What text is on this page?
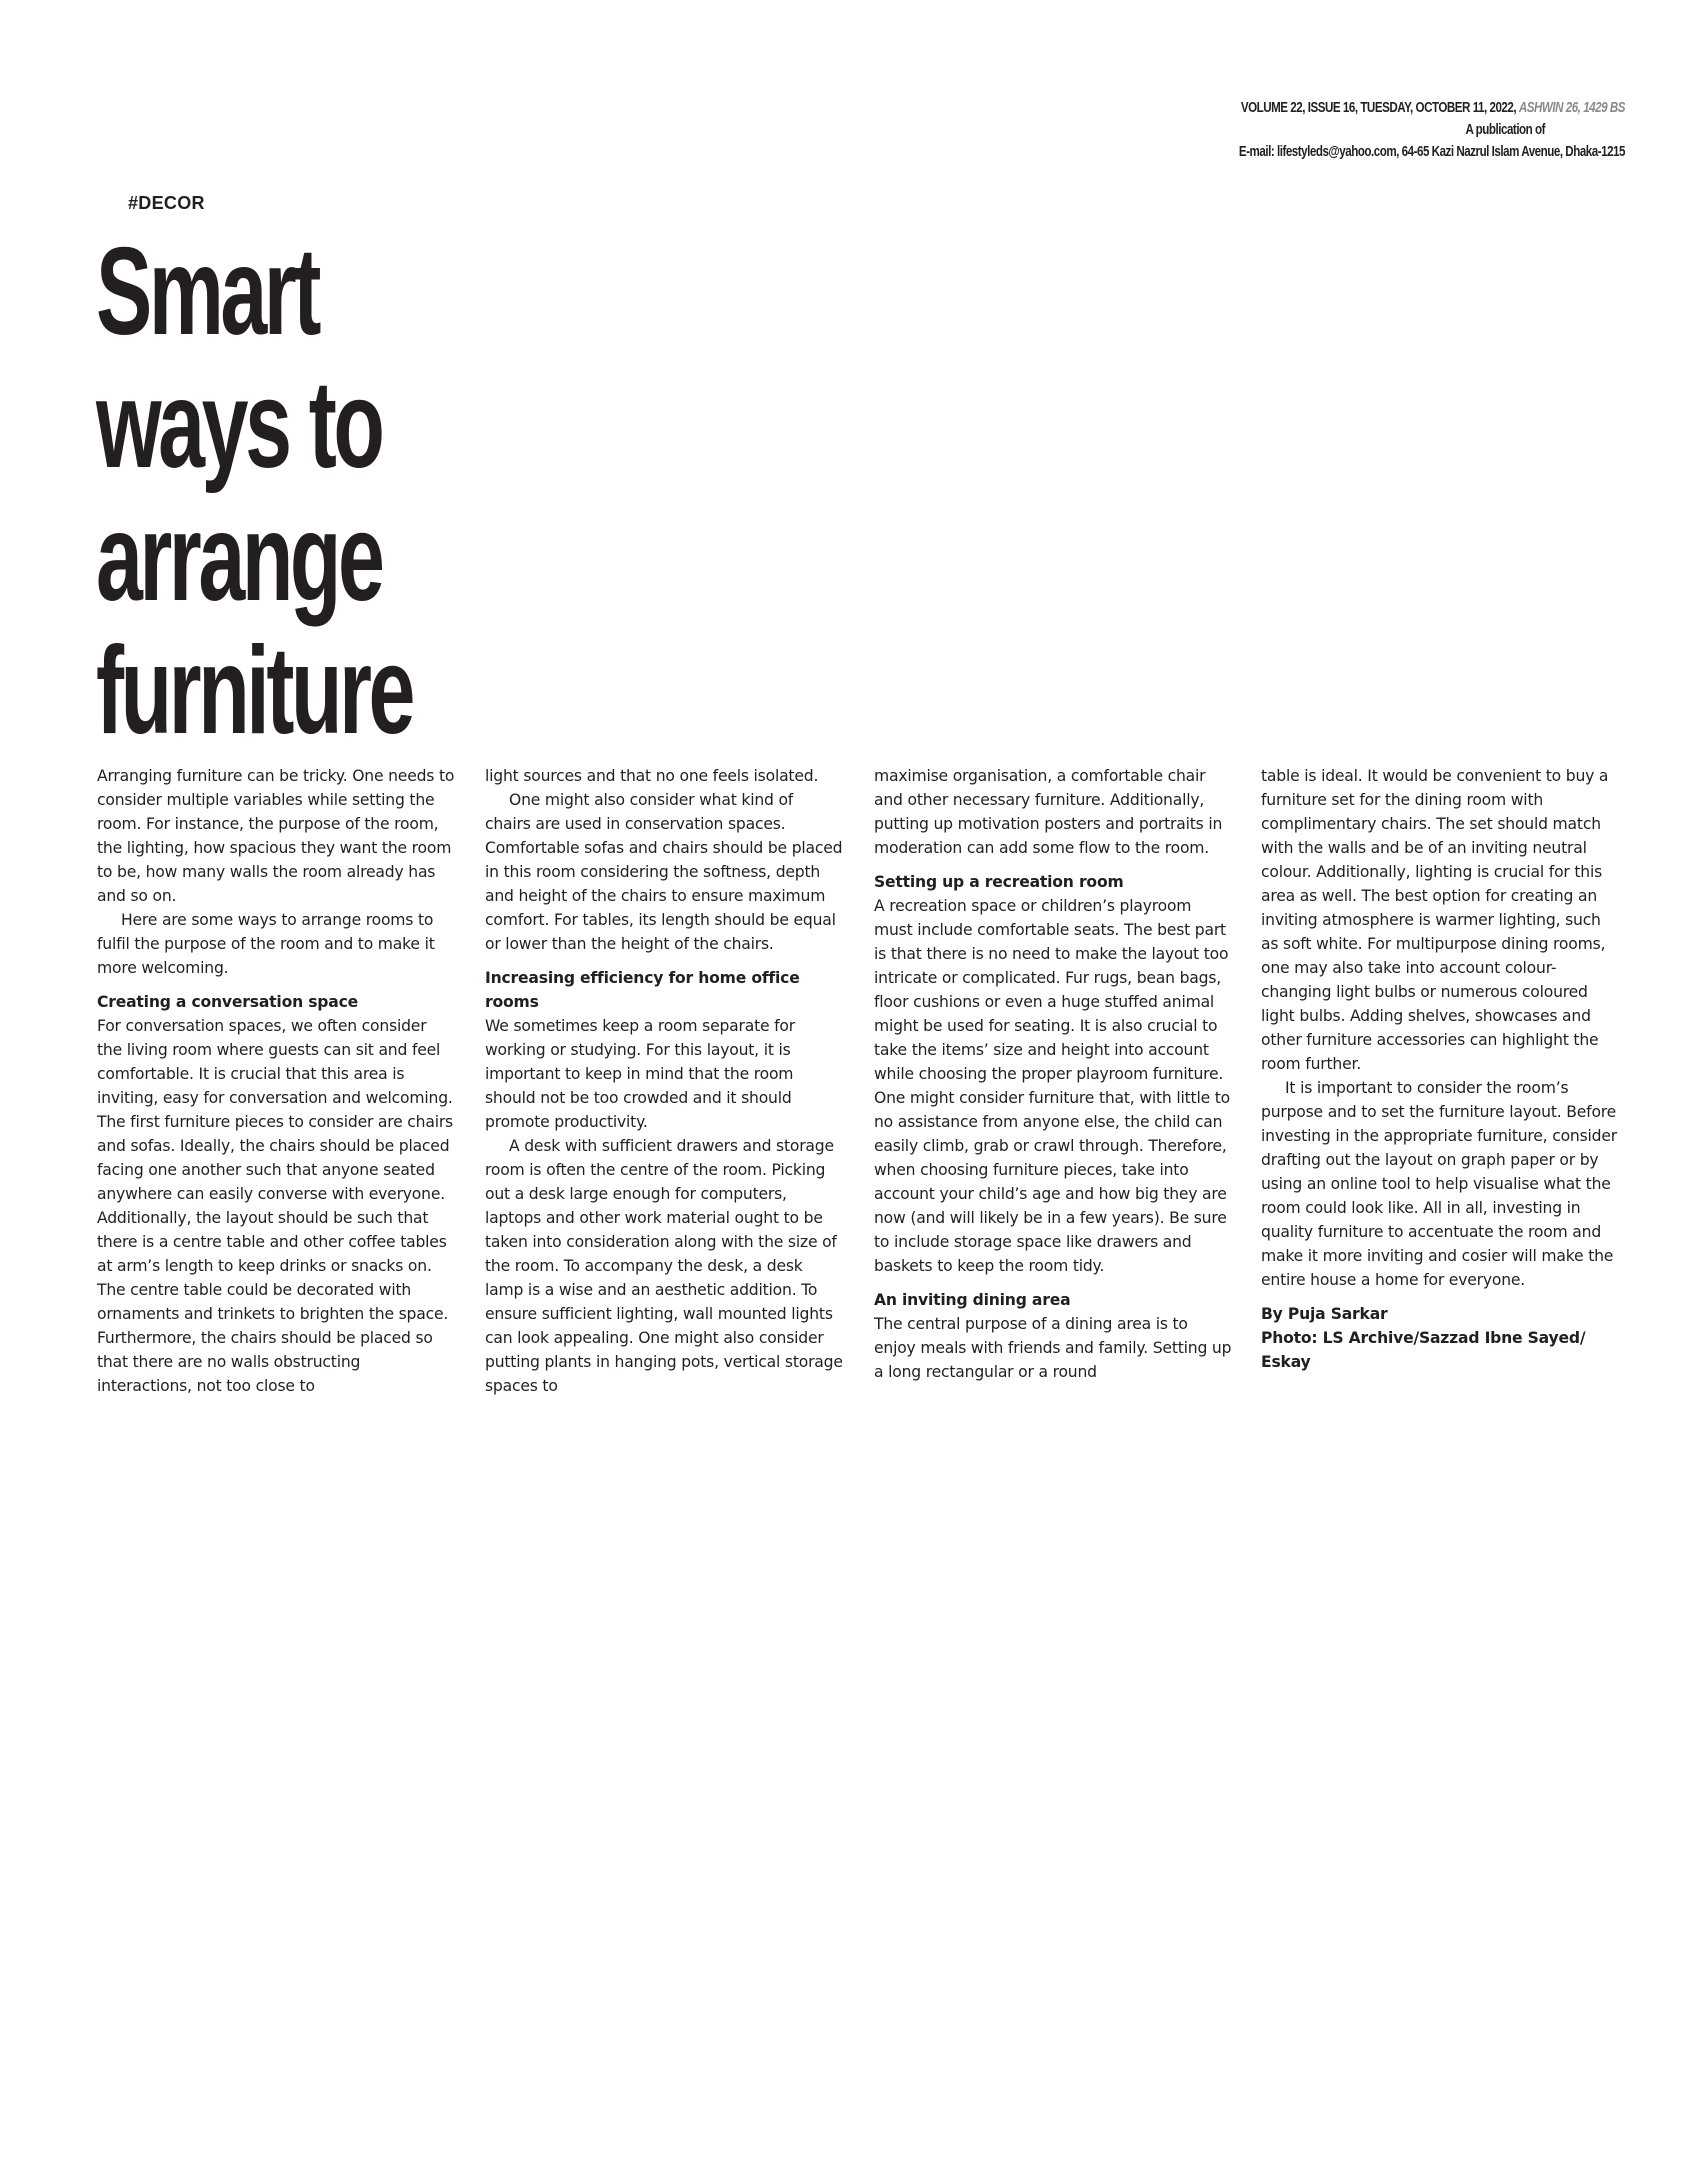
VOLUME 22, ISSUE 16, TUESDAY, OCTOBER 11, 2022, ASHWIN 26, 1429 BS
A publication of
E-mail: lifestyleds@yahoo.com, 64-65 Kazi Nazrul Islam Avenue, Dhaka-1215
#DECOR
Smart
ways to
arrange
furniture

Arranging furniture can be tricky. One needs to consider multiple variables while setting the room. For instance, the purpose of the room, the lighting, how spacious they want the room to be, how many walls the room already has and so on.

Here are some ways to arrange rooms to fulfil the purpose of the room and to make it more welcoming.

Creating a conversation space

For conversation spaces, we often consider the living room where guests can sit and feel comfortable. It is crucial that this area is inviting, easy for conversation and welcoming. The first furniture pieces to consider are chairs and sofas. Ideally, the chairs should be placed facing one another such that anyone seated anywhere can easily converse with everyone. Additionally, the layout should be such that there is a centre table and other coffee tables at arm’s length to keep drinks or snacks on. The centre table could be decorated with ornaments and trinkets to brighten the space. Furthermore, the chairs should be placed so that there are no walls obstructing interactions, not too close to

light sources and that no one feels isolated.

One might also consider what kind of chairs are used in conservation spaces. Comfortable sofas and chairs should be placed in this room considering the softness, depth and height of the chairs to ensure maximum comfort. For tables, its length should be equal or lower than the height of the chairs.

Increasing efficiency for home office rooms

We sometimes keep a room separate for working or studying. For this layout, it is important to keep in mind that the room should not be too crowded and it should promote productivity.

A desk with sufficient drawers and storage room is often the centre of the room. Picking out a desk large enough for computers, laptops and other work material ought to be taken into consideration along with the size of the room. To accompany the desk, a desk lamp is a wise and an aesthetic addition. To ensure sufficient lighting, wall mounted lights can look appealing. One might also consider putting plants in hanging pots, vertical storage spaces to

maximise organisation, a comfortable chair and other necessary furniture. Additionally, putting up motivation posters and portraits in moderation can add some flow to the room.

Setting up a recreation room

A recreation space or children’s playroom must include comfortable seats. The best part is that there is no need to make the layout too intricate or complicated. Fur rugs, bean bags, floor cushions or even a huge stuffed animal might be used for seating. It is also crucial to take the items’ size and height into account while choosing the proper playroom furniture. One might consider furniture that, with little to no assistance from anyone else, the child can easily climb, grab or crawl through. Therefore, when choosing furniture pieces, take into account your child’s age and how big they are now (and will likely be in a few years). Be sure to include storage space like drawers and baskets to keep the room tidy.

An inviting dining area

The central purpose of a dining area is to enjoy meals with friends and family. Setting up a long rectangular or a round

table is ideal. It would be convenient to buy a furniture set for the dining room with complimentary chairs. The set should match with the walls and be of an inviting neutral colour. Additionally, lighting is crucial for this area as well. The best option for creating an inviting atmosphere is warmer lighting, such as soft white. For multipurpose dining rooms, one may also take into account colour-changing light bulbs or numerous coloured light bulbs. Adding shelves, showcases and other furniture accessories can highlight the room further.

It is important to consider the room’s purpose and to set the furniture layout. Before investing in the appropriate furniture, consider drafting out the layout on graph paper or by using an online tool to help visualise what the room could look like. All in all, investing in quality furniture to accentuate the room and make it more inviting and cosier will make the entire house a home for everyone.

By Puja Sarkar

Photo: LS Archive/Sazzad Ibne Sayed/ Eskay
